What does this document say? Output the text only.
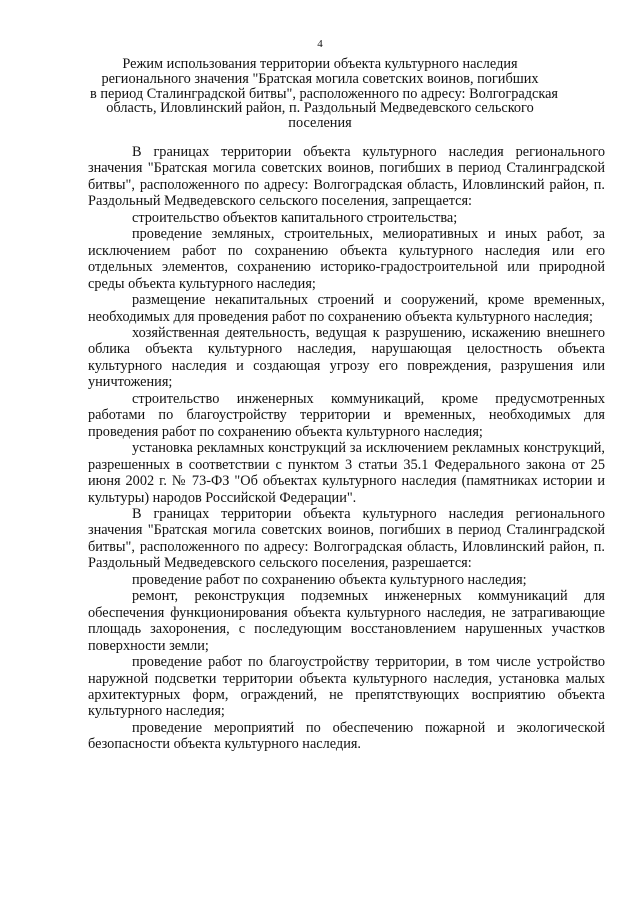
4
Режим использования территории объекта культурного наследия
регионального значения "Братская могила советских воинов, погибших
в период Сталинградской битвы", расположенного по адресу: Волгоградская
область, Иловлинский район, п. Раздольный Медведевского сельского
поселения

В границах территории объекта культурного наследия регионального значения "Братская могила советских воинов, погибших в период Сталинградской битвы", расположенного по адресу: Волгоградская область, Иловлинский район, п. Раздольный Медведевского сельского поселения, запрещается:

строительство объектов капитального строительства;

проведение земляных, строительных, мелиоративных и иных работ, за исключением работ по сохранению объекта культурного наследия или его отдельных элементов, сохранению историко-градостроительной или природной среды объекта культурного наследия;

размещение некапитальных строений и сооружений, кроме временных, необходимых для проведения работ по сохранению объекта культурного наследия;

хозяйственная деятельность, ведущая к разрушению, искажению внешнего облика объекта культурного наследия, нарушающая целостность объекта культурного наследия и создающая угрозу его повреждения, разрушения или уничтожения;

строительство инженерных коммуникаций, кроме предусмотренных работами по благоустройству территории и временных, необходимых для проведения работ по сохранению объекта культурного наследия;

установка рекламных конструкций за исключением рекламных конструкций, разрешенных в соответствии с пунктом 3 статьи 35.1 Федерального закона от 25 июня 2002 г. № 73-ФЗ "Об объектах культурного наследия (памятниках истории и культуры) народов Российской Федерации".

В границах территории объекта культурного наследия регионального значения "Братская могила советских воинов, погибших в период Сталинградской битвы", расположенного по адресу: Волгоградская область, Иловлинский район, п. Раздольный Медведевского сельского поселения, разрешается:

проведение работ по сохранению объекта культурного наследия;

ремонт, реконструкция подземных инженерных коммуникаций для обеспечения функционирования объекта культурного наследия, не затрагивающие площадь захоронения, с последующим восстановлением нарушенных участков поверхности земли;

проведение работ по благоустройству территории, в том числе устройство наружной подсветки территории объекта культурного наследия, установка малых архитектурных форм, ограждений, не препятствующих восприятию объекта культурного наследия;

проведение мероприятий по обеспечению пожарной и экологической безопасности объекта культурного наследия.
